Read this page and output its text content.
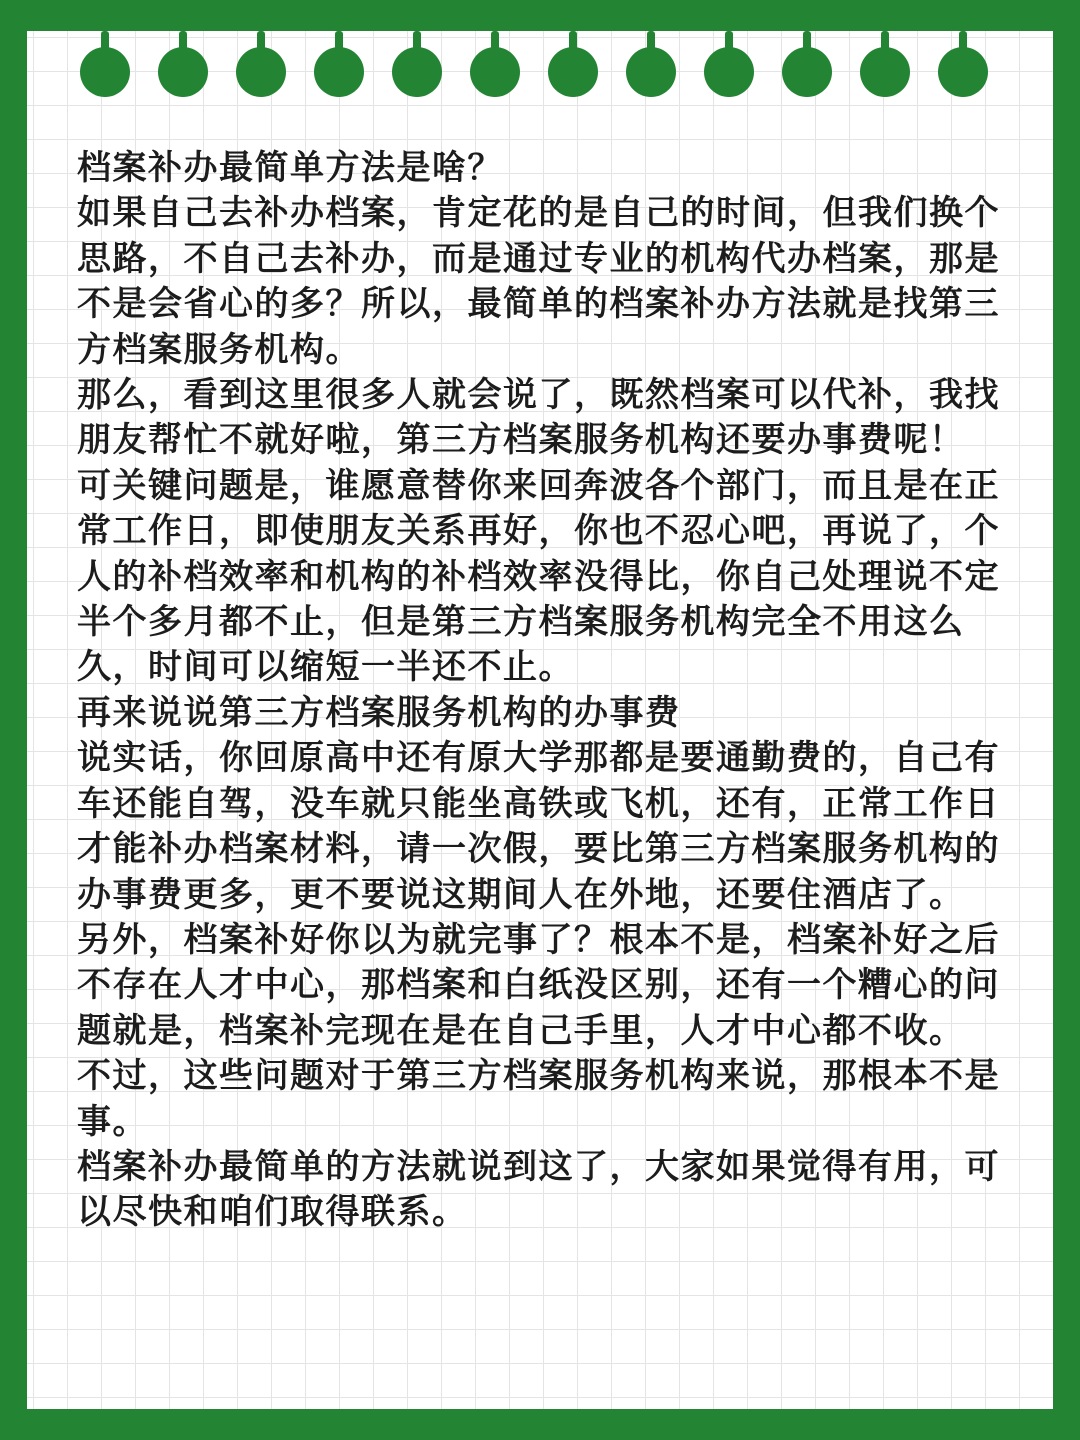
档案补办最简单方法是啥？

如果自己去补办档案，肯定花的是自己的时间，但我们换个思路，不自己去补办，而是通过专业的机构代办档案，那是不是会省心的多？所以，最简单的档案补办方法就是找第三方档案服务机构。

那么，看到这里很多人就会说了，既然档案可以代补，我找朋友帮忙不就好啦，第三方档案服务机构还要办事费呢！

可关键问题是，谁愿意替你来回奔波各个部门，而且是在正常工作日，即使朋友关系再好，你也不忍心吧，再说了，个人的补档效率和机构的补档效率没得比，你自己处理说不定半个多月都不止，但是第三方档案服务机构完全不用这么久，时间可以缩短一半还不止。

再来说说第三方档案服务机构的办事费

说实话，你回原高中还有原大学那都是要通勤费的，自己有车还能自驾，没车就只能坐高铁或飞机，还有，正常工作日才能补办档案材料，请一次假，要比第三方档案服务机构的办事费更多，更不要说这期间人在外地，还要住酒店了。

另外，档案补好你以为就完事了？根本不是，档案补好之后不存在人才中心，那档案和白纸没区别，还有一个糟心的问题就是，档案补完现在是在自己手里，人才中心都不收。

不过，这些问题对于第三方档案服务机构来说，那根本不是事。

档案补办最简单的方法就说到这了，大家如果觉得有用，可以尽快和咱们取得联系。
